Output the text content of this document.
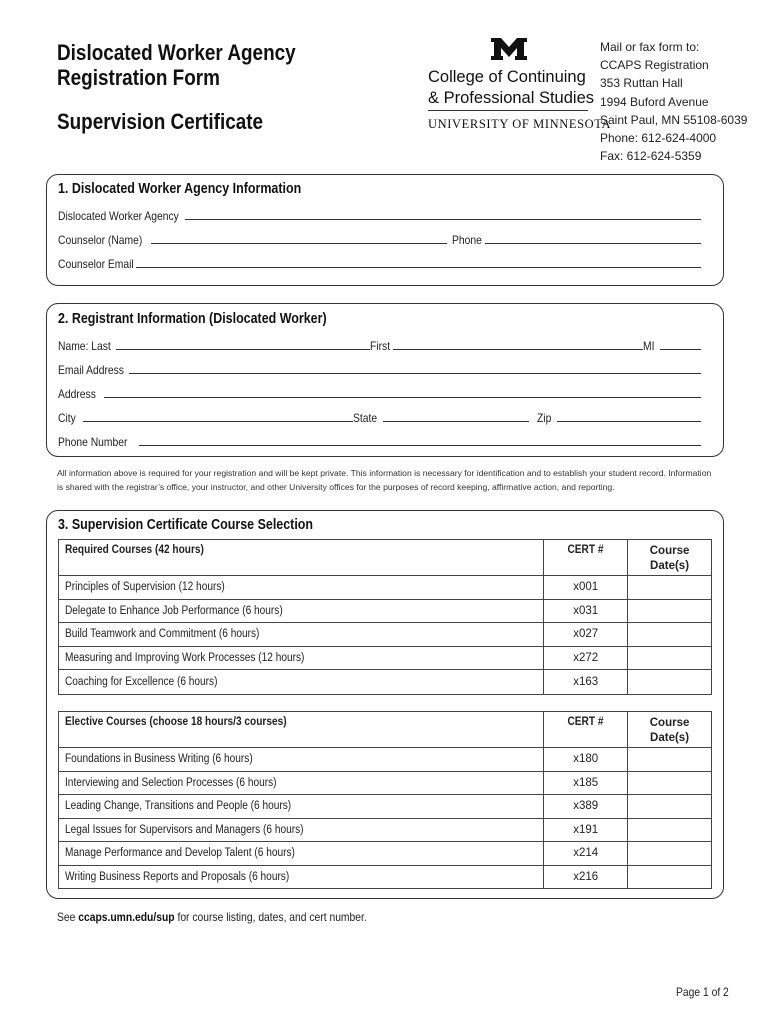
Dislocated Worker Agency
Registration Form
Supervision Certificate
College of Continuing
& Professional Studies
UNIVERSITY OF MINNESOTA
Mail or fax form to:
CCAPS Registration
353 Ruttan Hall
1994 Buford Avenue
Saint Paul, MN 55108-6039
Phone: 612-624-4000
Fax: 612-624-5359
1. Dislocated Worker Agency Information
Dislocated Worker Agency
Counselor (Name)	Phone
Counselor Email
2. Registrant Information (Dislocated Worker)
Name: Last	First	MI
Email Address
Address
City	State	Zip
Phone Number
All information above is required for your registration and will be kept private. This information is necessary for identification and to establish your student record. Information is shared with the registrar’s office, your instructor, and other University offices for the purposes of record keeping, affirmative action, and reporting.
3. Supervision Certificate Course Selection
Required Courses (42 hours)	CERT #	Course
Date(s)
Principles of Supervision (12 hours)	x001	
Delegate to Enhance Job Performance (6 hours)	x031	
Build Teamwork and Commitment (6 hours)	x027	
Measuring and Improving Work Processes (12 hours)	x272	
Coaching for Excellence (6 hours)	x163	
Elective Courses (choose 18 hours/3 courses)	CERT #	Course
Date(s)
Foundations in Business Writing (6 hours)	x180	
Interviewing and Selection Processes (6 hours)	x185	
Leading Change, Transitions and People (6 hours)	x389	
Legal Issues for Supervisors and Managers (6 hours)	x191	
Manage Performance and Develop Talent (6 hours)	x214	
Writing Business Reports and Proposals (6 hours)	x216	
See ccaps.umn.edu/sup for course listing, dates, and cert number.
Page 1 of 2
